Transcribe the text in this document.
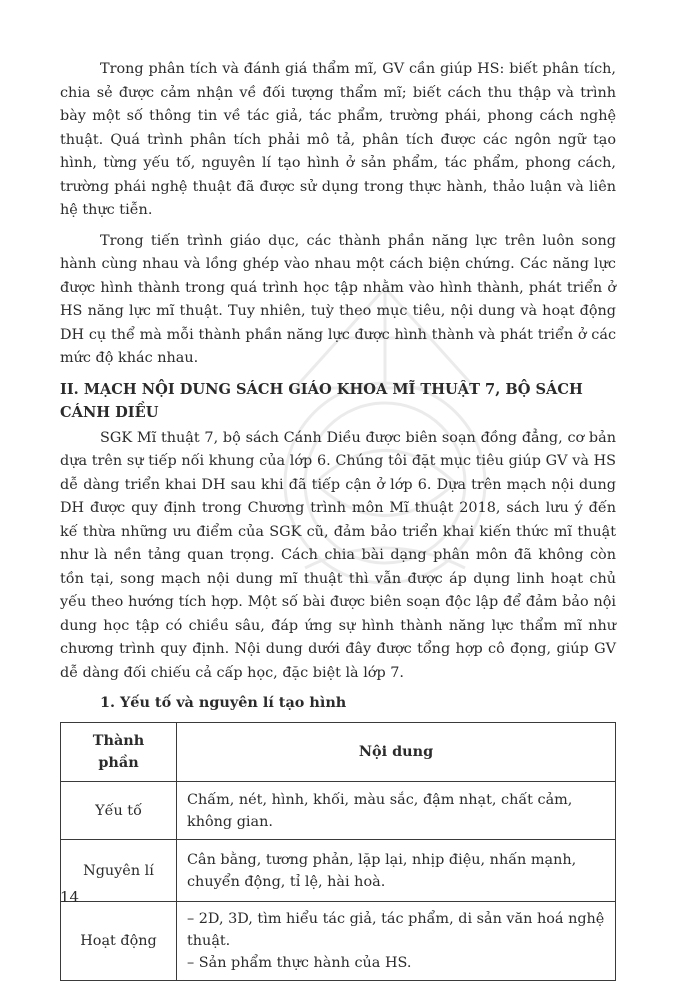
Trong phân tích và đánh giá thẩm mĩ, GV cần giúp HS: biết phân tích, chia sẻ được cảm nhận về đối tượng thẩm mĩ; biết cách thu thập và trình bày một số thông tin về tác giả, tác phẩm, trường phái, phong cách nghệ thuật. Quá trình phân tích phải mô tả, phân tích được các ngôn ngữ tạo hình, từng yếu tố, nguyên lí tạo hình ở sản phẩm, tác phẩm, phong cách, trường phái nghệ thuật đã được sử dụng trong thực hành, thảo luận và liên hệ thực tiễn.

Trong tiến trình giáo dục, các thành phần năng lực trên luôn song hành cùng nhau và lồng ghép vào nhau một cách biện chứng. Các năng lực được hình thành trong quá trình học tập nhằm vào hình thành, phát triển ở HS năng lực mĩ thuật. Tuy nhiên, tuỳ theo mục tiêu, nội dung và hoạt động DH cụ thể mà mỗi thành phần năng lực được hình thành và phát triển ở các mức độ khác nhau.

II. MẠCH NỘI DUNG SÁCH GIÁO KHOA MĨ THUẬT 7, BỘ SÁCH CÁNH DIỀU

SGK Mĩ thuật 7, bộ sách Cánh Diều được biên soạn đồng đẳng, cơ bản dựa trên sự tiếp nối khung của lớp 6. Chúng tôi đặt mục tiêu giúp GV và HS dễ dàng triển khai DH sau khi đã tiếp cận ở lớp 6. Dựa trên mạch nội dung DH được quy định trong Chương trình môn Mĩ thuật 2018, sách lưu ý đến kế thừa những ưu điểm của SGK cũ, đảm bảo triển khai kiến thức mĩ thuật như là nền tảng quan trọng. Cách chia bài dạng phân môn đã không còn tồn tại, song mạch nội dung mĩ thuật thì vẫn được áp dụng linh hoạt chủ yếu theo hướng tích hợp. Một số bài được biên soạn độc lập để đảm bảo nội dung học tập có chiều sâu, đáp ứng sự hình thành năng lực thẩm mĩ như chương trình quy định. Nội dung dưới đây được tổng hợp cô đọng, giúp GV dễ dàng đối chiếu cả cấp học, đặc biệt là lớp 7.

1. Yếu tố và nguyên lí tạo hình
Thành phần	Nội dung
Yếu tố	Chấm, nét, hình, khối, màu sắc, đậm nhạt, chất cảm, không gian.
Nguyên lí	Cân bằng, tương phản, lặp lại, nhịp điệu, nhấn mạnh, chuyển động, tỉ lệ, hài hoà.
Hoạt động	– 2D, 3D, tìm hiểu tác giả, tác phẩm, di sản văn hoá nghệ thuật.
– Sản phẩm thực hành của HS.
14
